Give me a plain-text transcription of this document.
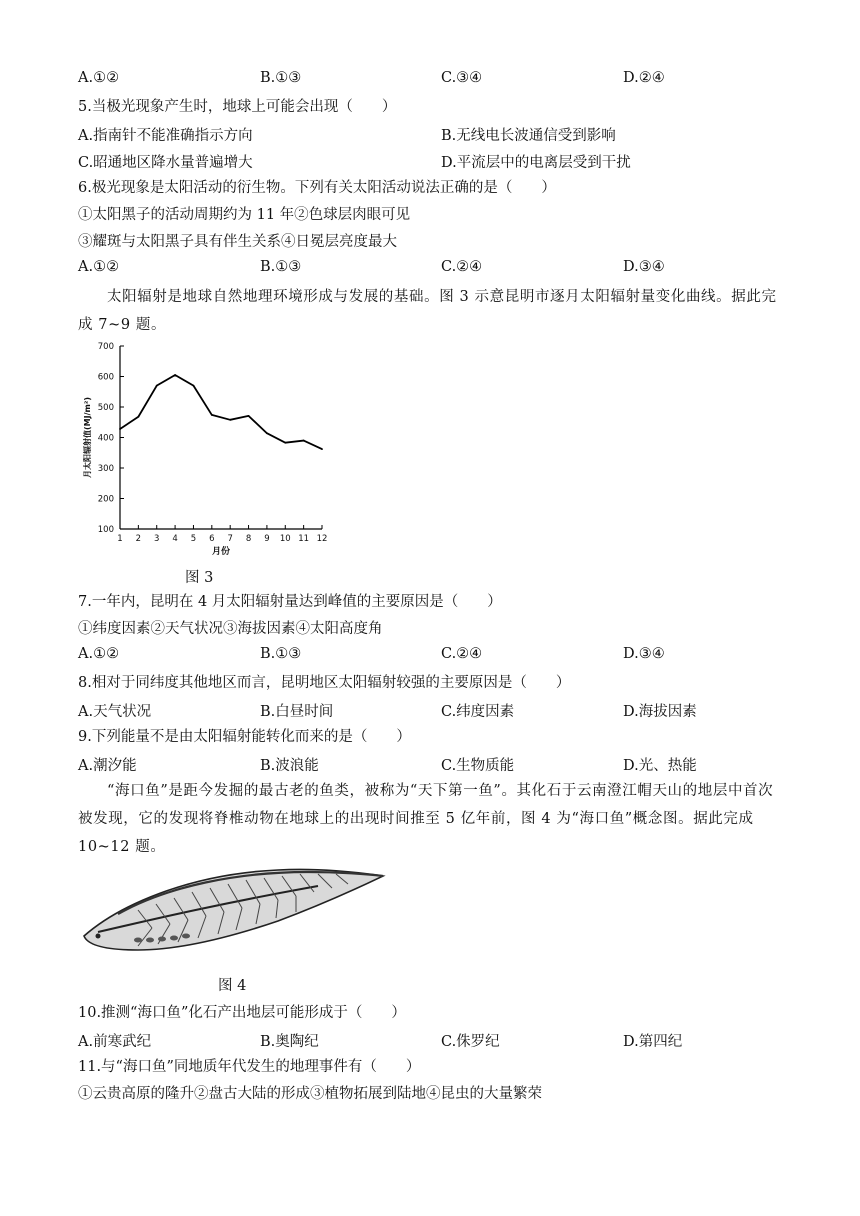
A.①②	B.①③	C.③④	D.②④
5.当极光现象产生时，地球上可能会出现（　　）
A.指南针不能准确指示方向	B.无线电长波通信受到影响
C.昭通地区降水量普遍增大	D.平流层中的电离层受到干扰
6.极光现象是太阳活动的衍生物。下列有关太阳活动说法正确的是（　　）
①太阳黑子的活动周期约为 11 年②色球层肉眼可见
③耀斑与太阳黑子具有伴生关系④日冕层亮度最大
A.①②	B.①③	C.②④	D.③④
太阳辐射是地球自然地理环境形成与发展的基础。图 3 示意昆明市逐月太阳辐射量变化曲线。据此完成 7~9 题。
100
200
300
400
500
600
700
1 2 3 4 5 6 7 8 9 10 11 12
月份
月太阳辐射值(MJ/m²)
图 3
7.一年内，昆明在 4 月太阳辐射量达到峰值的主要原因是（　　）
①纬度因素②天气状况③海拔因素④太阳高度角
A.①②	B.①③	C.②④	D.③④
8.相对于同纬度其他地区而言，昆明地区太阳辐射较强的主要原因是（　　）
A.天气状况	B.白昼时间	C.纬度因素	D.海拔因素
9.下列能量不是由太阳辐射能转化而来的是（　　）
A.潮汐能	B.波浪能	C.生物质能	D.光、热能
“海口鱼”是距今发掘的最古老的鱼类，被称为“天下第一鱼”。其化石于云南澄江帽天山的地层中首次被发现，它的发现将脊椎动物在地球上的出现时间推至 5 亿年前，图 4 为“海口鱼”概念图。据此完成 10~12 题。
图 4
10.推测“海口鱼”化石产出地层可能形成于（　　）
A.前寒武纪	B.奥陶纪	C.侏罗纪	D.第四纪
11.与“海口鱼”同地质年代发生的地理事件有（　　）
①云贵高原的隆升②盘古大陆的形成③植物拓展到陆地④昆虫的大量繁荣
